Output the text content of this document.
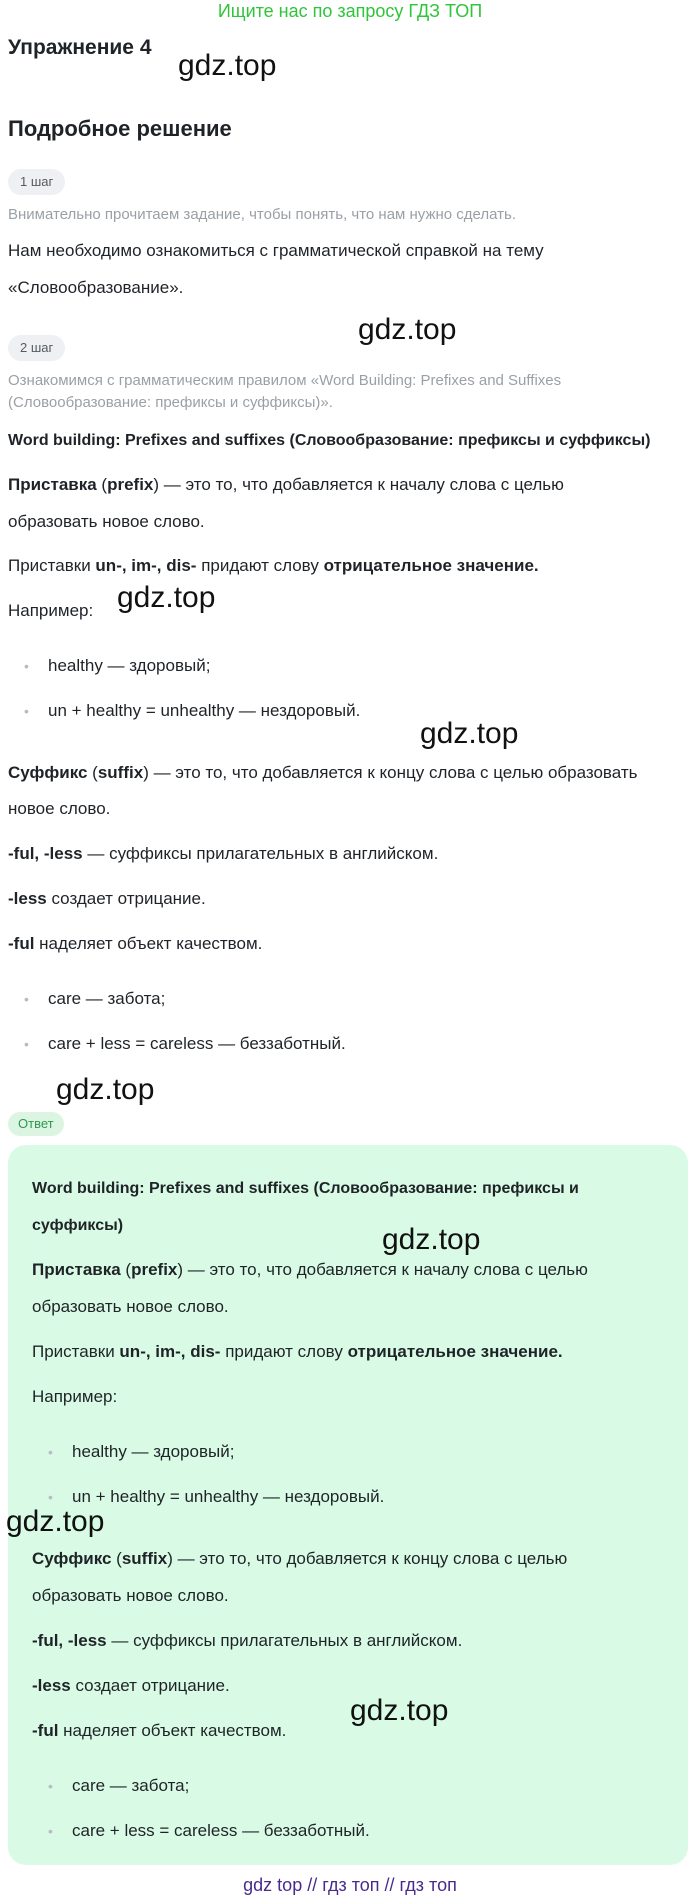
Ищите нас по запросу ГДЗ ТОП
Упражнение 4
gdz.top
Подробное решение
1 шаг
Внимательно прочитаем задание, чтобы понять, что нам нужно сделать.
Нам необходимо ознакомиться с грамматической справкой на тему
«Словообразование».
gdz.top
2 шаг
Ознакомимся с грамматическим правилом «Word Building: Prefixes and Suffixes
(Словообразование: префиксы и суффиксы)».
Word building: Prefixes and suffixes (Словообразование: префиксы и суффиксы)
Приставка (prefix) — это то, что добавляется к началу слова с целью
образовать новое слово.
Приставки un-, im-, dis- придают слову отрицательное значение.
Например: gdz.top
• healthy — здоровый;
• un + healthy = unhealthy — нездоровый.
gdz.top
Суффикс (suffix) — это то, что добавляется к концу слова с целью образовать
новое слово.
-ful, -less — суффиксы прилагательных в английском.
-less создает отрицание.
-ful наделяет объект качеством.
• care — забота;
• care + less = careless — беззаботный.
gdz.top
Ответ
Word building: Prefixes and suffixes (Словообразование: префиксы и
суффиксы)	gdz.top
Приставка (prefix) — это то, что добавляется к началу слова с целью
образовать новое слово.
Приставки un-, im-, dis- придают слову отрицательное значение.
Например:
• healthy — здоровый;
• un + healthy = unhealthy — нездоровый.
gdz.top
Суффикс (suffix) — это то, что добавляется к концу слова с целью
образовать новое слово.
-ful, -less — суффиксы прилагательных в английском.
-less создает отрицание.
gdz.top
-ful наделяет объект качеством.
• care — забота;
• care + less = careless — беззаботный.
gdz top // гдз топ // гдз топ
